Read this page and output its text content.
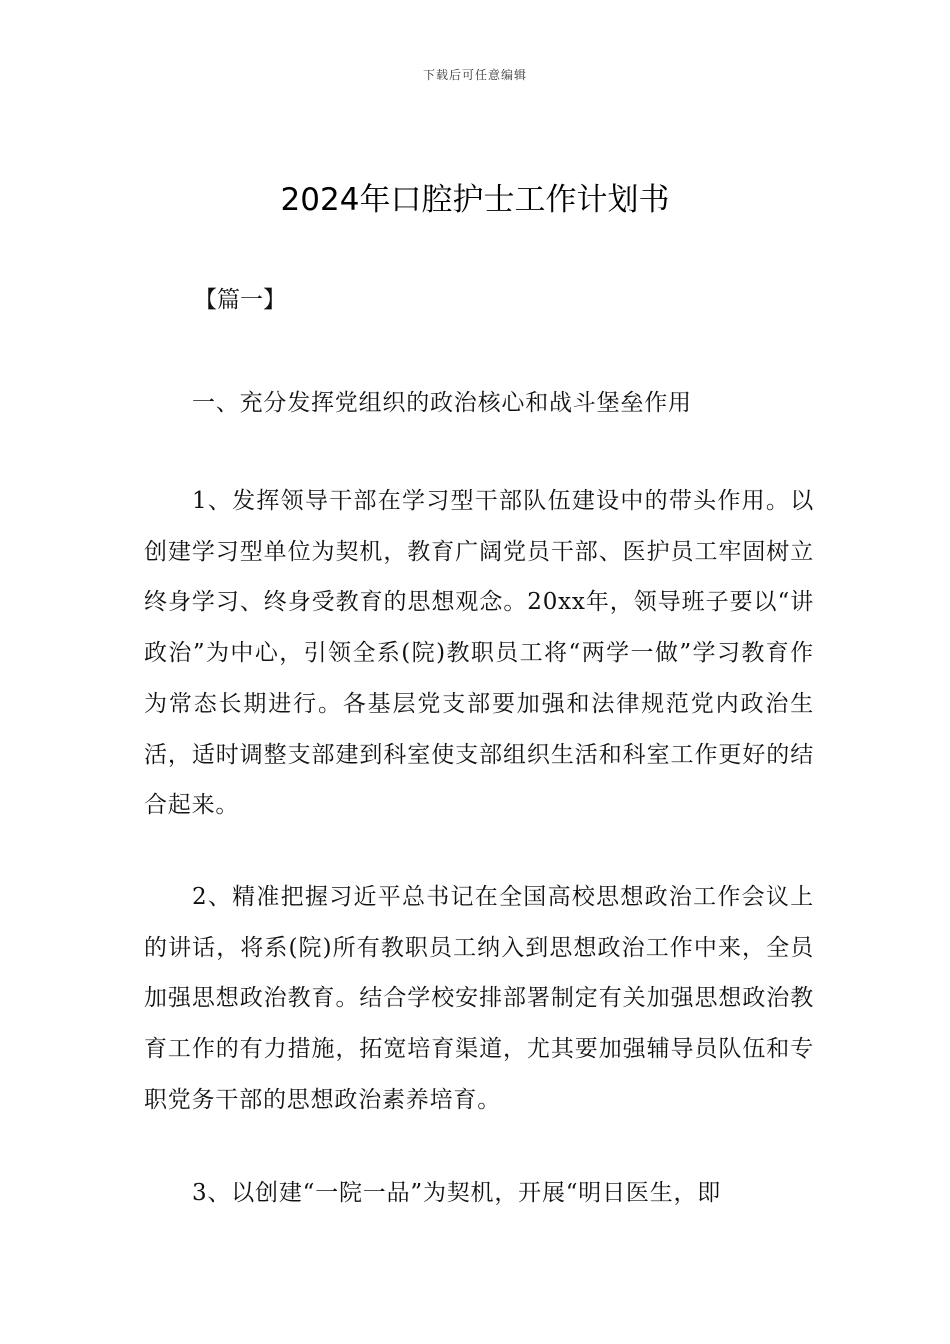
下载后可任意编辑
2024年口腔护士工作计划书

【篇一】

一、充分发挥党组织的政治核心和战斗堡垒作用

1、发挥领导干部在学习型干部队伍建设中的带头作用。以创建学习型单位为契机，教育广阔党员干部、医护员工牢固树立终身学习、终身受教育的思想观念。20xx年，领导班子要以“讲政治”为中心，引领全系(院)教职员工将“两学一做”学习教育作为常态长期进行。各基层党支部要加强和法律规范党内政治生活，适时调整支部建到科室使支部组织生活和科室工作更好的结合起来。

2、精准把握习近平总书记在全国高校思想政治工作会议上的讲话，将系(院)所有教职员工纳入到思想政治工作中来，全员加强思想政治教育。结合学校安排部署制定有关加强思想政治教育工作的有力措施，拓宽培育渠道，尤其要加强辅导员队伍和专职党务干部的思想政治素养培育。

3、以创建“一院一品”为契机，开展“明日医生，即
